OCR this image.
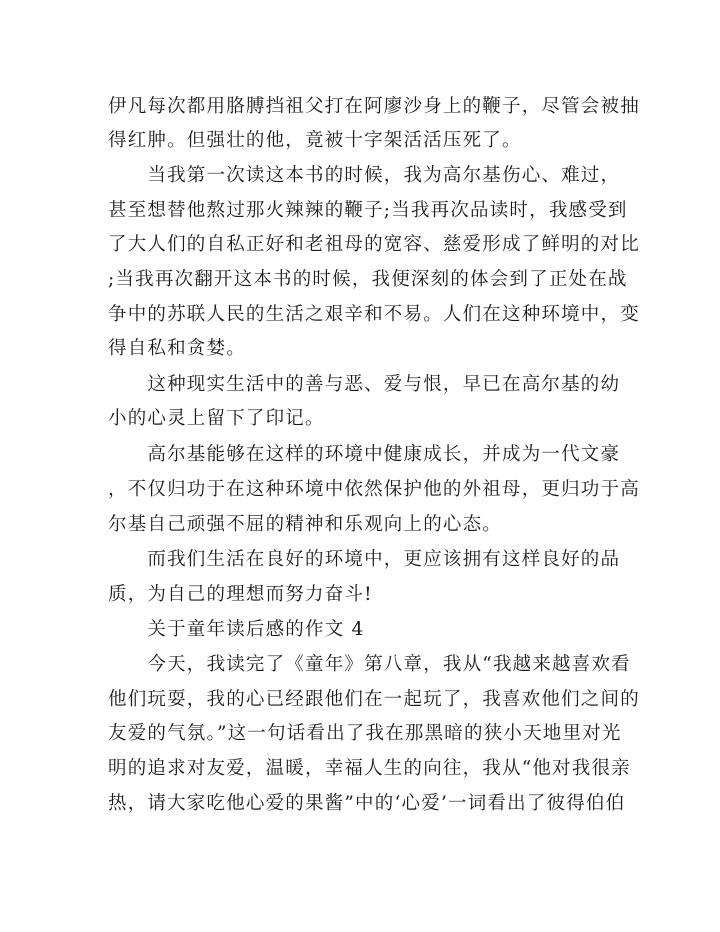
伊凡每次都用胳膊挡祖父打在阿廖沙身上的鞭子，尽管会被抽
得红肿。但强壮的他，竟被十字架活活压死了。
　　当我第一次读这本书的时候，我为高尔基伤心、难过，
甚至想替他熬过那火辣辣的鞭子;当我再次品读时，我感受到
了大人们的自私正好和老祖母的宽容、慈爱形成了鲜明的对比
;当我再次翻开这本书的时候，我便深刻的体会到了正处在战
争中的苏联人民的生活之艰辛和不易。人们在这种环境中，变
得自私和贪婪。
　　这种现实生活中的善与恶、爱与恨，早已在高尔基的幼
小的心灵上留下了印记。
　　高尔基能够在这样的环境中健康成长，并成为一代文豪
，不仅归功于在这种环境中依然保护他的外祖母，更归功于高
尔基自己顽强不屈的精神和乐观向上的心态。
　　而我们生活在良好的环境中，更应该拥有这样良好的品
质，为自己的理想而努力奋斗!
　　关于童年读后感的作文 4
　　今天，我读完了《童年》第八章，我从“我越来越喜欢看
他们玩耍，我的心已经跟他们在一起玩了，我喜欢他们之间的
友爱的气氛。”这一句话看出了我在那黑暗的狭小天地里对光
明的追求对友爱，温暖，幸福人生的向往，我从“他对我很亲
热，请大家吃他心爱的果酱”中的‘心爱’一词看出了彼得伯伯
